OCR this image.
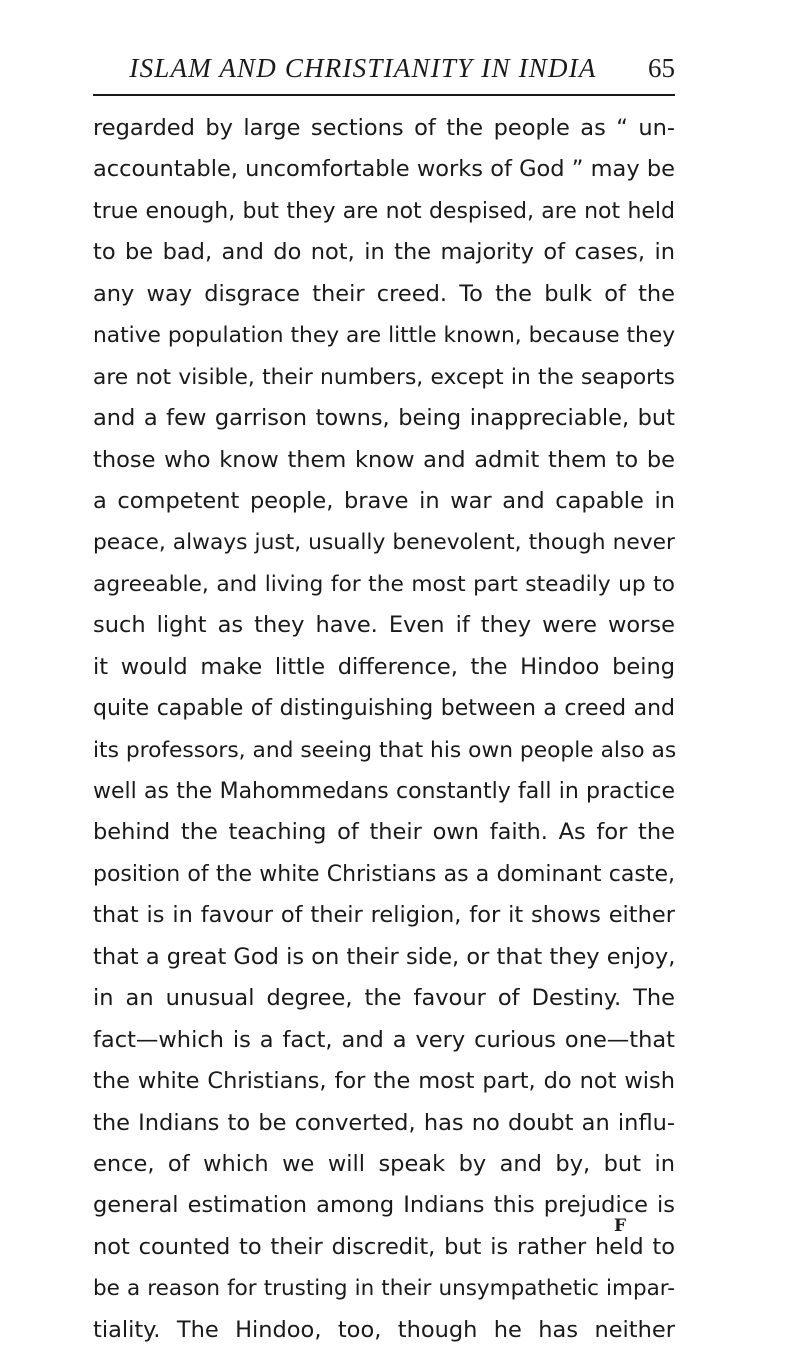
ISLAM AND CHRISTIANITY IN INDIA	65
regarded by large sections of the people as “ un-
accountable, uncomfortable works of God ” may be
true enough, but they are not despised, are not held
to be bad, and do not, in the majority of cases, in
any way disgrace their creed. To the bulk of the
native population they are little known, because they
are not visible, their numbers, except in the seaports
and a few garrison towns, being inappreciable, but
those who know them know and admit them to be
a competent people, brave in war and capable in
peace, always just, usually benevolent, though never
agreeable, and living for the most part steadily up to
such light as they have. Even if they were worse
it would make little difference, the Hindoo being
quite capable of distinguishing between a creed and
its professors, and seeing that his own people also as
well as the Mahommedans constantly fall in practice
behind the teaching of their own faith. As for the
position of the white Christians as a dominant caste,
that is in favour of their religion, for it shows either
that a great God is on their side, or that they enjoy,
in an unusual degree, the favour of Destiny. The
fact—which is a fact, and a very curious one—that
the white Christians, for the most part, do not wish
the Indians to be converted, has no doubt an influ-
ence, of which we will speak by and by, but in
general estimation among Indians this prejudice is
not counted to their discredit, but is rather held to
be a reason for trusting in their unsympathetic impar-
tiality. The Hindoo, too, though he has neither
F
